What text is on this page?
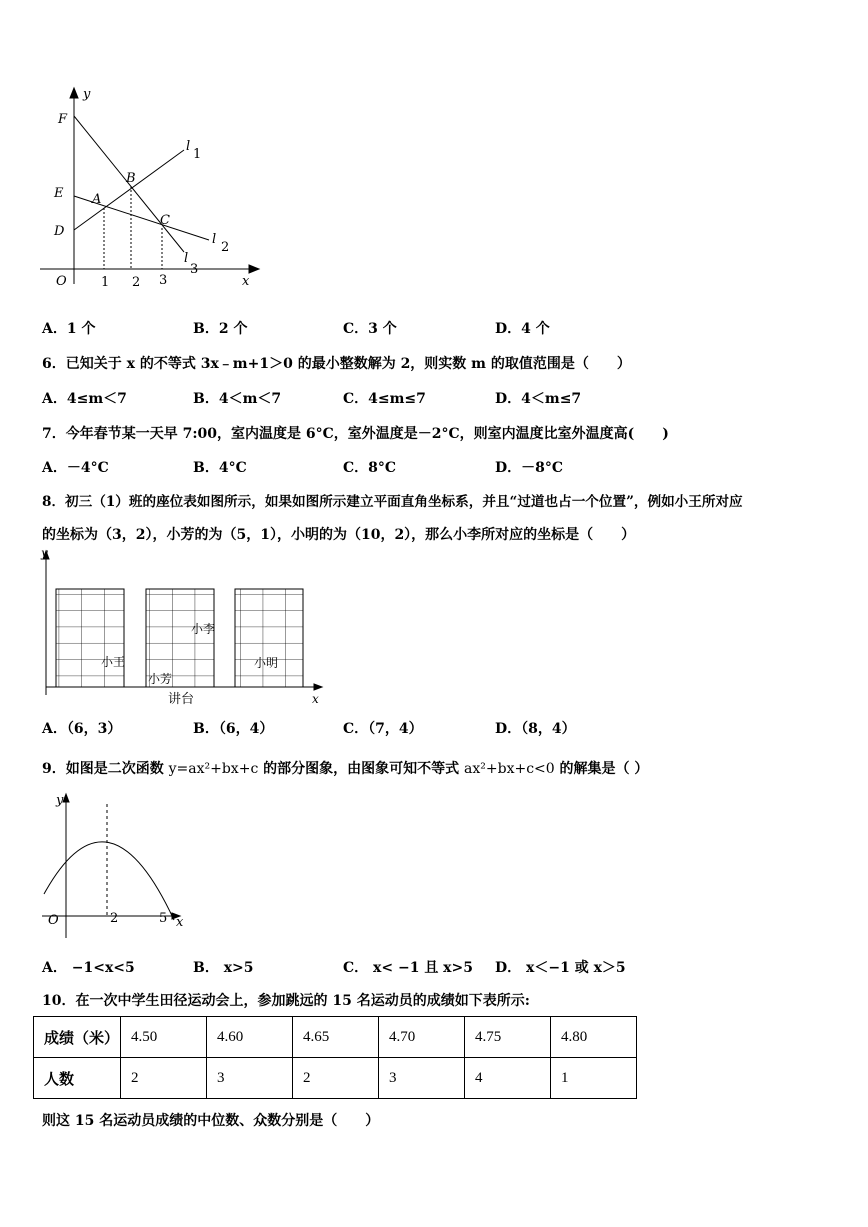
y
x
O
F
E
D
A
B
C
l
1
l
2
l
3
1 2 3
A．1 个	B．2 个	C．3 个	D．4 个
6．已知关于 x 的不等式 3x﹣m+1＞0 的最小整数解为 2，则实数 m 的取值范围是（　　）
A．4≤m＜7	B．4＜m＜7	C．4≤m≤7	D．4＜m≤7
7．今年春节某一天早 7:00，室内温度是 6°C，室外温度是－2°C，则室内温度比室外温度高(　　)
A．－4°C	B．4°C	C．8°C	D．－8°C
8．初三（1）班的座位表如图所示，如果如图所示建立平面直角坐标系，并且“过道也占一个位置”，例如小王所对应
的坐标为（3，2），小芳的为（5，1），小明的为（10，2），那么小李所对应的坐标是（　　）
y
x
小王
小芳
小李
小明
讲台
A．（6，3）	B．（6，4）	C．（7，4）	D．（8，4）
9．如图是二次函数 y=ax²+bx+c 的部分图象，由图象可知不等式 ax²+bx+c<0 的解集是（ ）
y
x
O	2	5
A． −1<x<5	B． x>5	C． x< −1 且 x>5 D． x＜−1 或 x＞5
10．在一次中学生田径运动会上，参加跳远的 15 名运动员的成绩如下表所示:
成绩（米）	4.50	4.60	4.65	4.70	4.75	4.80
人数	2	3	2	3	4	1
则这 15 名运动员成绩的中位数、众数分别是（　　）
